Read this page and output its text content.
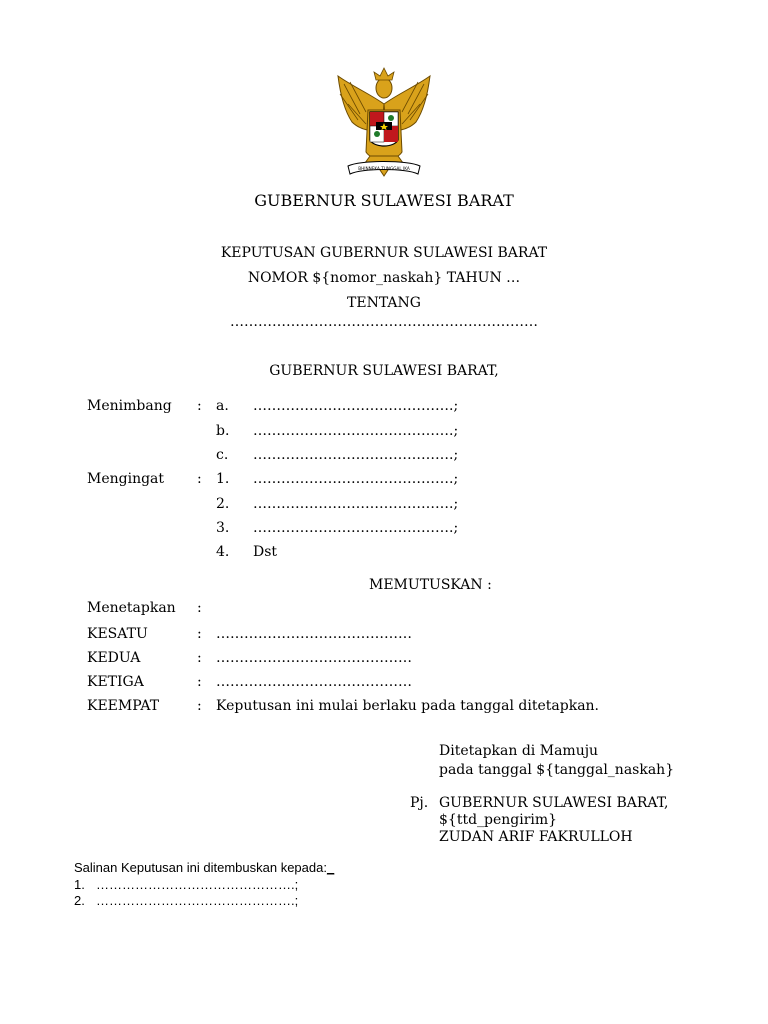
BHINNEKA TUNGGAL IKA
GUBERNUR SULAWESI BARAT
KEPUTUSAN GUBERNUR SULAWESI BARAT
NOMOR ${nomor_naskah} TAHUN …
TENTANG
…………………………………………………………
GUBERNUR SULAWESI BARAT,
Menimbang : a. …………………………………….;
b. …………………………………….;
c. …………………………………….;
Mengingat : 1. …………………………………….;
2. …………………………………….;
3. …………………………………….;
4. Dst
MEMUTUSKAN :
Menetapkan :
KESATU	: ……………………………………
KEDUA	: ……………………………………
KETIGA	: ……………………………………
KEEMPAT	: Keputusan ini mulai berlaku pada tanggal ditetapkan.
Ditetapkan di Mamuju
pada tanggal ${tanggal_naskah}
Pj. GUBERNUR SULAWESI BARAT,
${ttd_pengirim}
ZUDAN ARIF FAKRULLOH
Salinan Keputusan ini ditembuskan kepada:_
1. ……………………………………….;
2. ……………………………………….;
